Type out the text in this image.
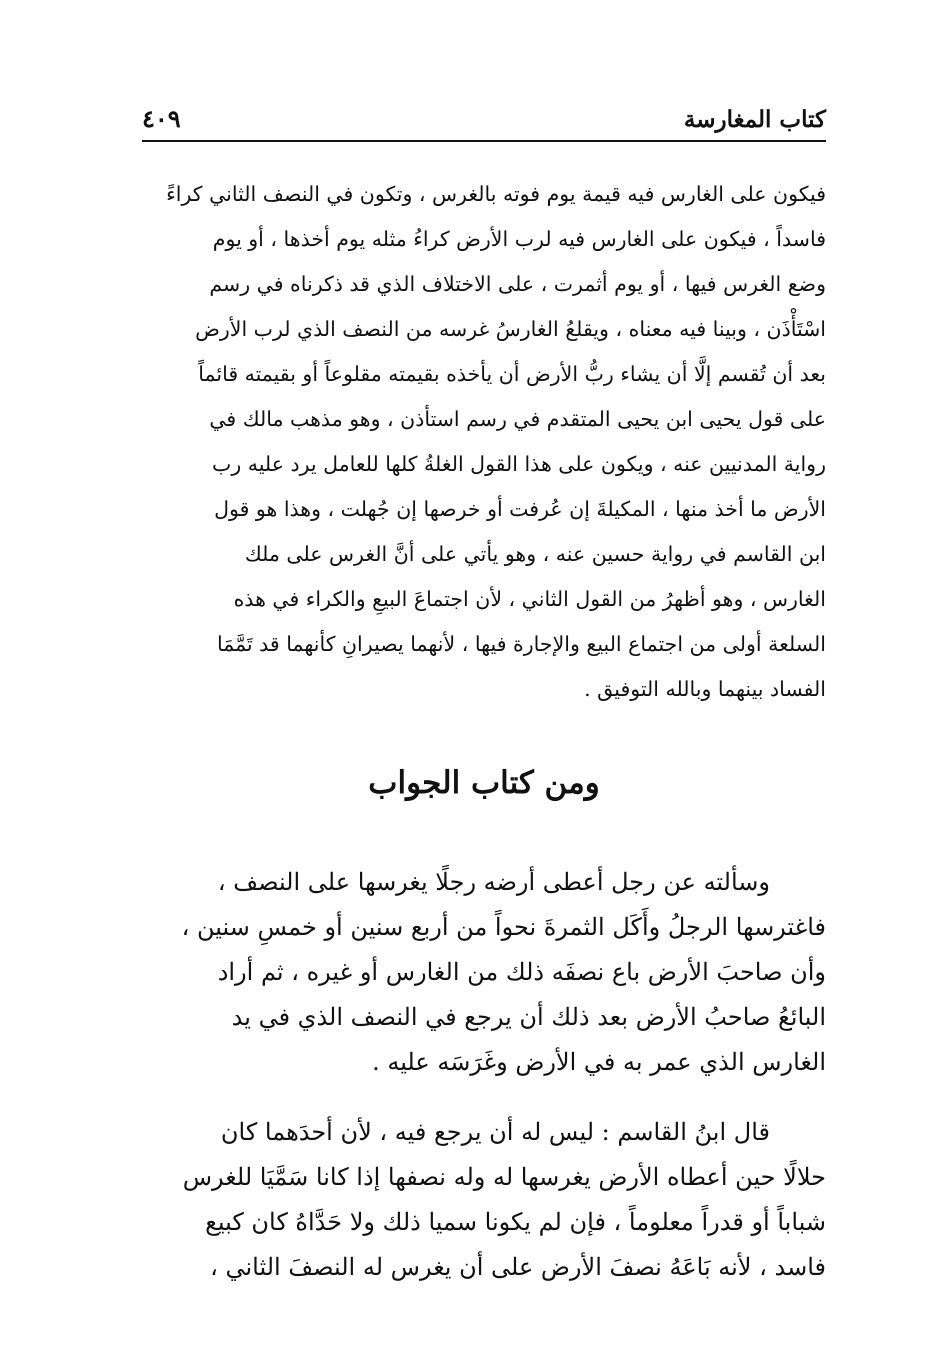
كتاب المغارسة
٤٠٩
فيكون على الغارس فيه قيمة يوم فوته بالغرس ، وتكون في النصف الثاني كراءً
فاسداً ، فيكون على الغارس فيه لرب الأرض كراءُ مثله يوم أخذها ، أو يوم
وضع الغرس فيها ، أو يوم أثمرت ، على الاختلاف الذي قد ذكرناه في رسم
اسْتَأْذَن ، وبينا فيه معناه ، ويقلعُ الغارسُ غرسه من النصف الذي لرب الأرض
بعد أن تُقسم إلَّا أن يشاء ربُّ الأرض أن يأخذه بقيمته مقلوعاً أو بقيمته قائماً
على قول يحيى ابن يحيى المتقدم في رسم استأذن ، وهو مذهب مالك في
رواية المدنيين عنه ، ويكون على هذا القول الغلةُ كلها للعامل يرد عليه رب
الأرض ما أخذ منها ، المكيلةَ إن عُرفت أو خرصها إن جُهلت ، وهذا هو قول
ابن القاسم في رواية حسين عنه ، وهو يأتي على أنَّ الغرس على ملك
الغارس ، وهو أظهرُ من القول الثاني ، لأن اجتماعَ البيعِ والكراء في هذه
السلعة أولى من اجتماع البيع والإجارة فيها ، لأنهما يصيرانِ كأنهما قد تَمَّمَا
الفساد بينهما وبالله التوفيق .
ومن كتاب الجواب
وسألته عن رجل أعطى أرضه رجلًا يغرسها على النصف ،
فاغترسها الرجلُ وأَكَل الثمرةَ نحواً من أربع سنين أو خمسِ سنين ،
وأن صاحبَ الأرض باع نصفَه ذلك من الغارس أو غيره ، ثم أراد
البائعُ صاحبُ الأرض بعد ذلك أن يرجع في النصف الذي في يد
الغارس الذي عمر به في الأرض وغَرَسَه عليه .
قال ابنُ القاسم : ليس له أن يرجع فيه ، لأن أحدَهما كان
حلالًا حين أعطاه الأرض يغرسها له وله نصفها إذا كانا سَمَّيَا للغرس
شباباً أو قدراً معلوماً ، فإن لم يكونا سميا ذلك ولا حَدَّاهُ كان كبيع
فاسد ، لأنه بَاعَهُ نصفَ الأرض على أن يغرس له النصفَ الثاني ،
